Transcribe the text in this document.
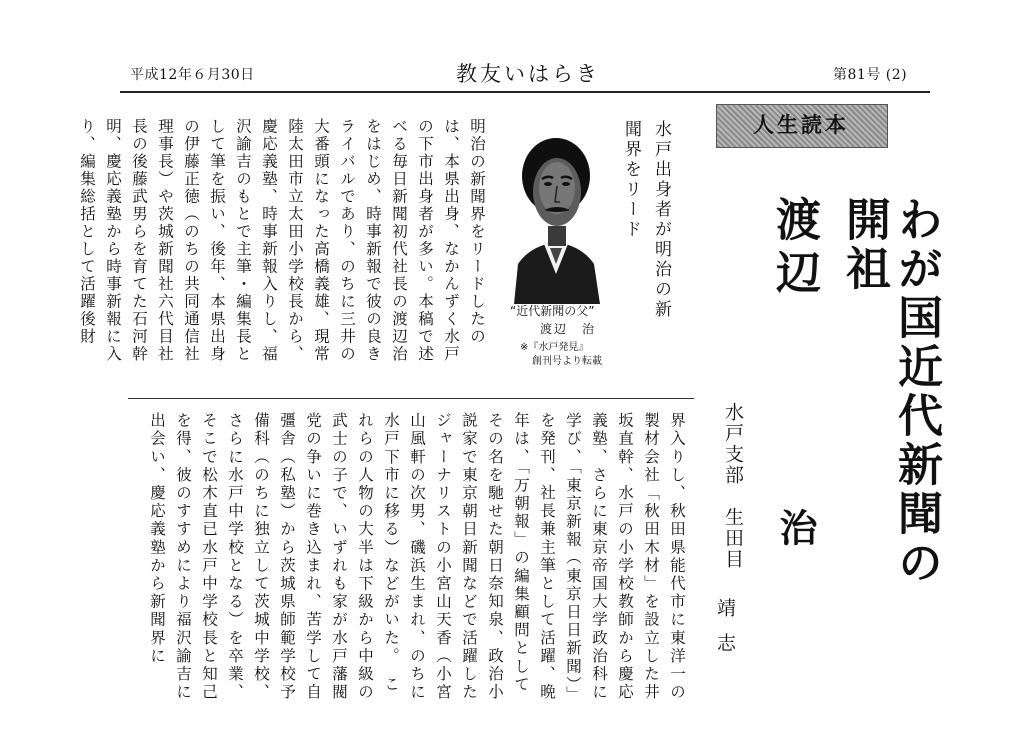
平成12年６月30日	教友いはらき	第81号 (2)
明治の新聞界をリードしたのは、本県出身、なかんずく水戸の下市出身者が多い。本稿で述べる毎日新聞初代社長の渡辺治をはじめ、時事新報で彼の良きライバルであり、のちに三井の大番頭になった高橋義雄、現常陸太田市立太田小学校長から、慶応義塾、時事新報入りし、福沢諭吉のもとで主筆・編集長として筆を振い、後年、本県出身の伊藤正徳（のちの共同通信社理事長）や茨城新聞社六代目社長の後藤武男らを育てた石河幹明、慶応義塾から時事新報に入り、編集総括として活躍後財
界入りし、秋田県能代市に東洋一の製材会社「秋田木材」を設立した井坂直幹、水戸の小学校教師から慶応義塾、さらに東京帝国大学政治科に学び、「東京新報（東京日日新聞）」を発刊、社長兼主筆として活躍、晩年は、「万朝報」の編集顧問としてその名を馳せた朝日奈知泉、政治小説家で東京朝日新聞などで活躍したジャーナリストの小宮山天香（小宮山風軒の次男、磯浜生まれ、のちに水戸下市に移る）などがいた。　これらの人物の大半は下級から中級の武士の子で、いずれも家が水戸藩閥党の争いに巻き込まれ、苦学して自彊舎（私塾）から茨城県師範学校予備科（のちに独立して茨城中学校、さらに水戸中学校となる）を卒業、そこで松木直已水戸中学校長と知己を得、彼のすすめにより福沢諭吉に出会い、慶応義塾から新聞界に
“近代新聞の父”
渡辺　治
※『水戸発見』
創刊号より転載
水戸出身者が明治の新聞界をリード	人生読本
わが国近代新聞の開祖
渡辺
治
水戸支部　生田目
靖志
